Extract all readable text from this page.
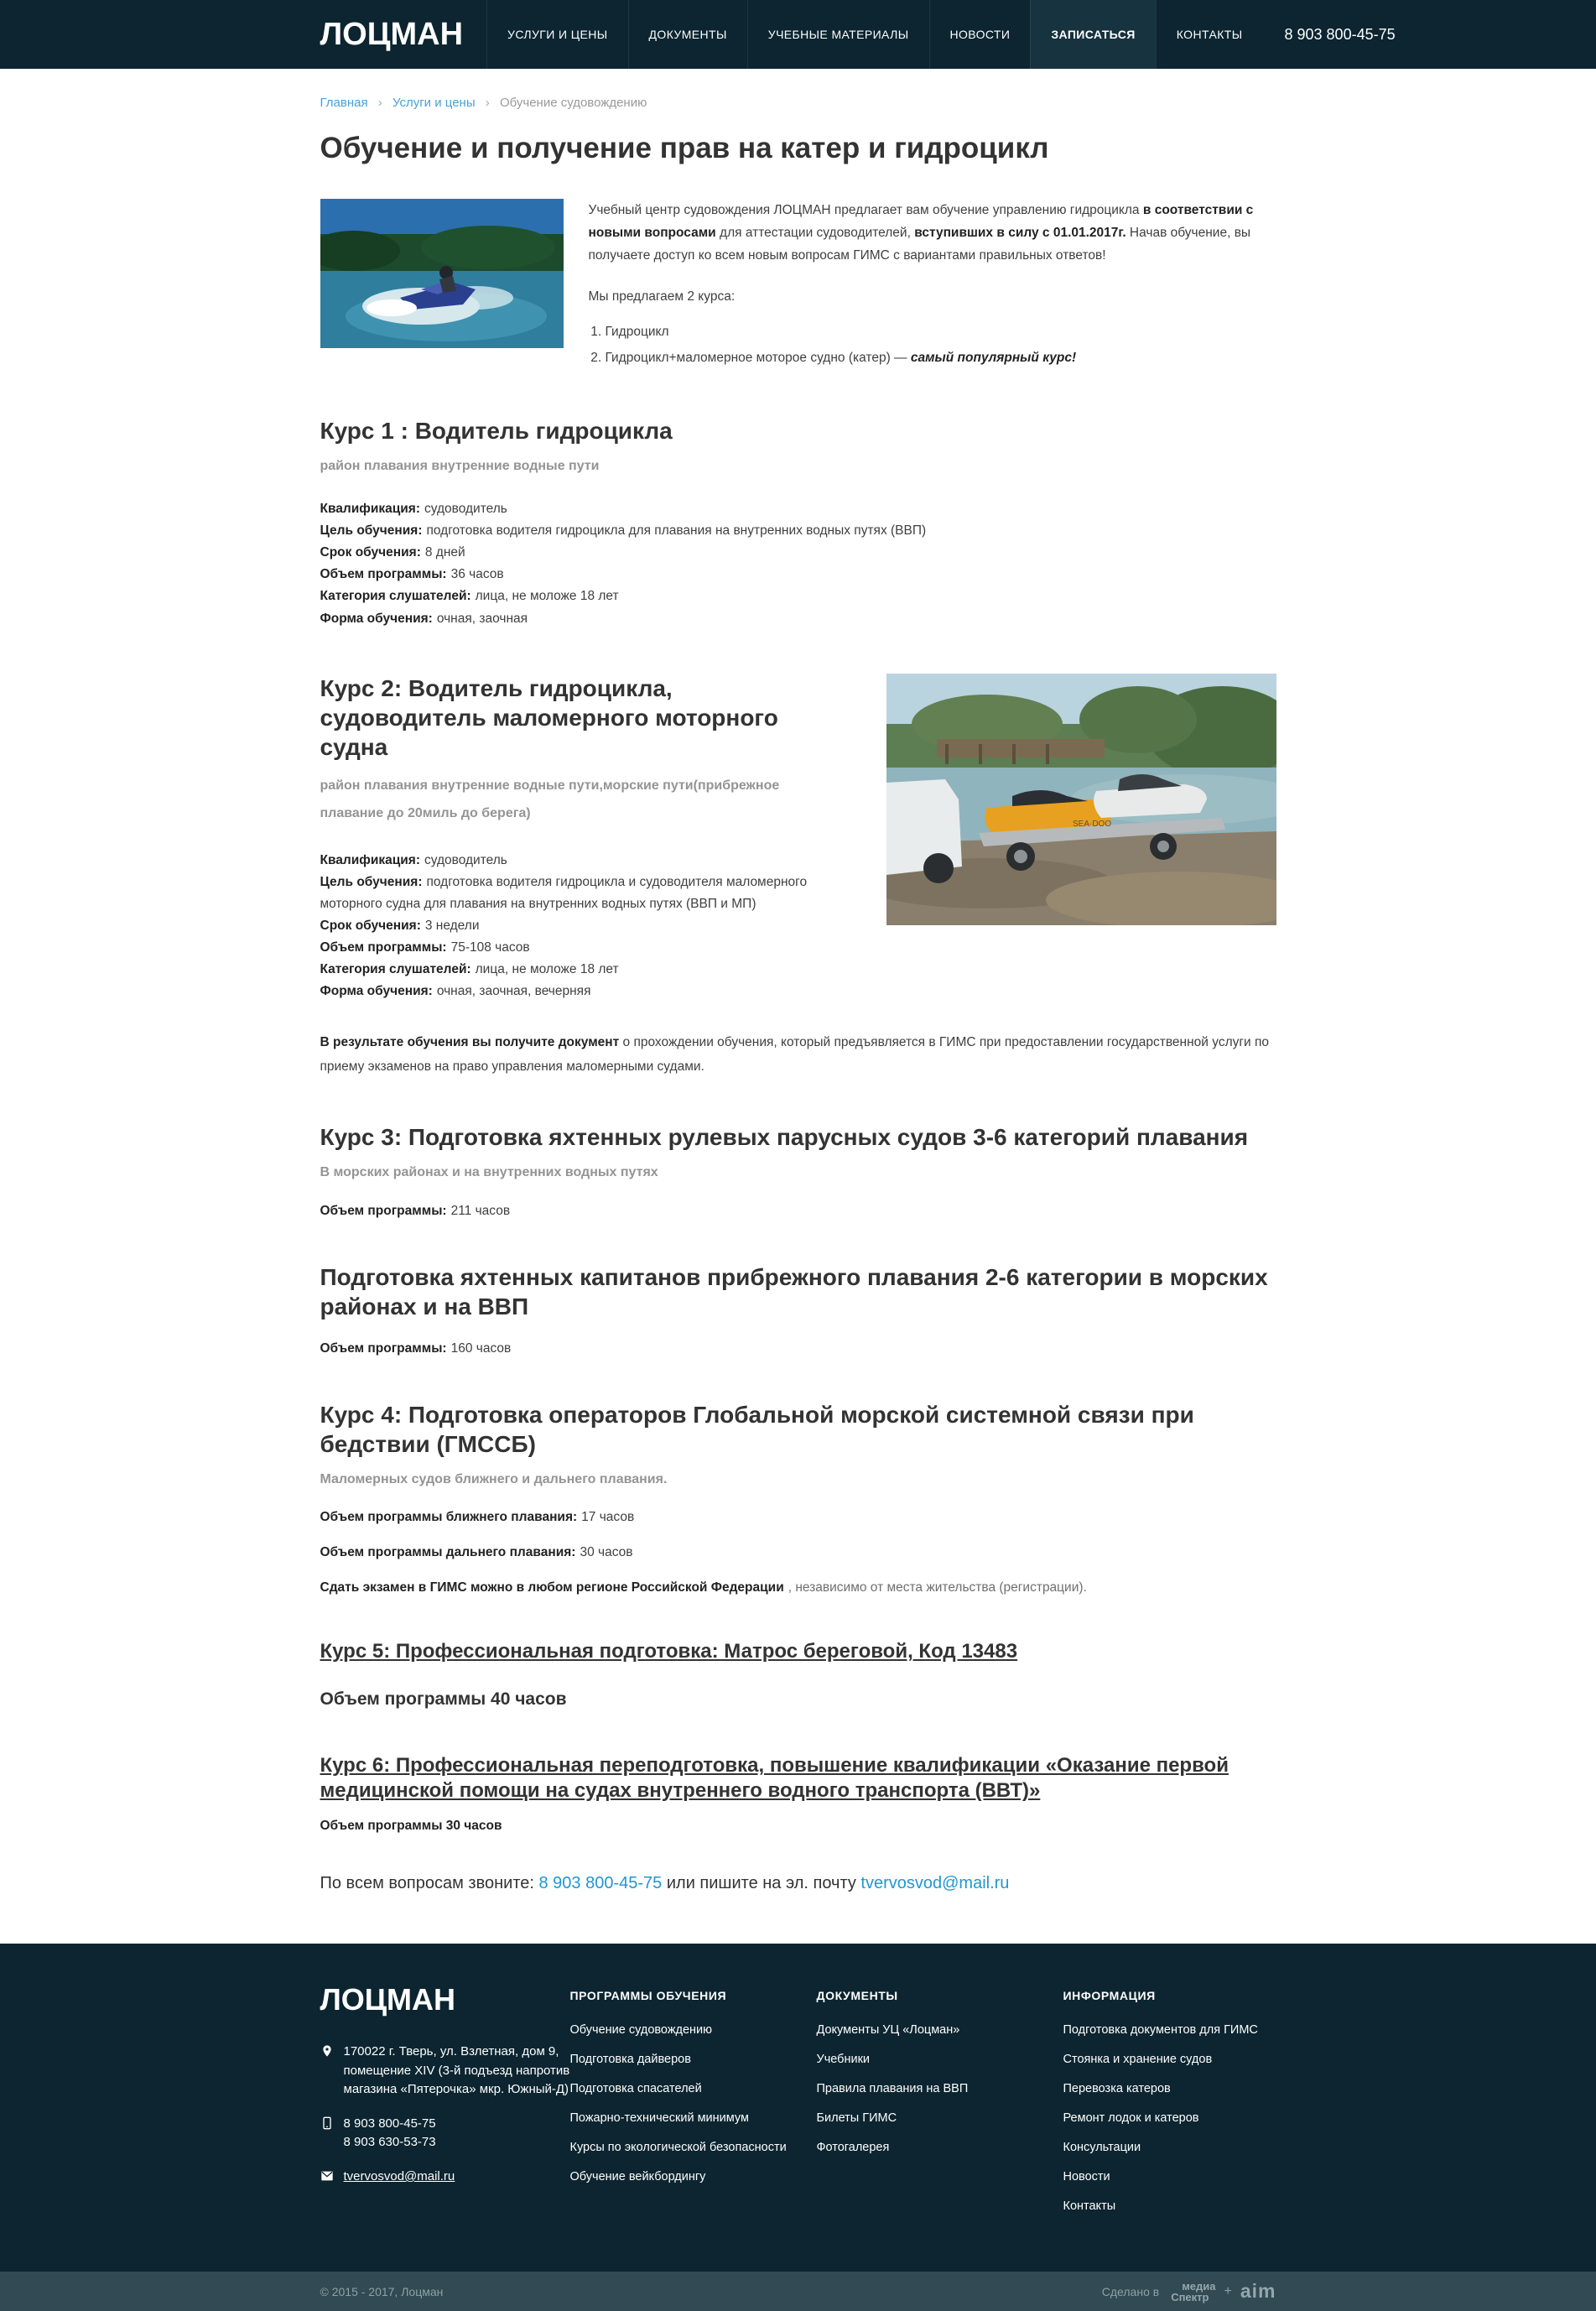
ЛОЦМАН	УСЛУГИ И ЦЕНЫ	ДОКУМЕНТЫ	УЧЕБНЫЕ МАТЕРИАЛЫ	НОВОСТИ	ЗАПИСАТЬСЯ	КОНТАКТЫ	8 903 800-45-75
Главная › Услуги и цены › Обучение судовождению
Обучение и получение прав на катер и гидроцикл

Учебный центр судовождения ЛОЦМАН предлагает вам обучение управлению гидроцикла в соответствии с новыми вопросами для аттестации судоводителей, вступивших в силу с 01.01.2017г. Начав обучение, вы получаете доступ ко всем новым вопросам ГИМС с вариантами правильных ответов!

Мы предлагаем 2 курса:

1. Гидроцикл
2. Гидроцикл+маломерное моторое судно (катер) — самый популярный курс!
Курс 1 : Водитель гидроцикла
район плавания внутренние водные пути

Квалификация: судоводитель

Цель обучения: подготовка водителя гидроцикла для плавания на внутренних водных путях (ВВП)

Срок обучения: 8 дней

Объем программы: 36 часов

Категория слушателей: лица, не моложе 18 лет

Форма обучения: очная, заочная

Курс 2: Водитель гидроцикла, судоводитель маломерного моторного судна
район плавания внутренние водные пути,морские пути(прибрежное плавание до 20миль до берега)

Квалификация: судоводитель

Цель обучения: подготовка водителя гидроцикла и судоводителя маломерного моторного судна для плавания на внутренних водных путях (ВВП и МП)

Срок обучения: 3 недели

Объем программы: 75-108 часов

Категория слушателей: лица, не моложе 18 лет

Форма обучения: очная, заочная, вечерняя

SEA·DOO

В результате обучения вы получите документ о прохождении обучения, который предъявляется в ГИМС при предоставлении государственной услуги по приему экзаменов на право управления маломерными судами.

Курс 3: Подготовка яхтенных рулевых парусных судов 3-6 категорий плавания
В морских районах и на внутренних водных путях

Объем программы: 211 часов

Подготовка яхтенных капитанов прибрежного плавания 2-6 категории в морских районах и на ВВП

Объем программы: 160 часов

Курс 4: Подготовка операторов Глобальной морской системной связи при бедствии (ГМССБ)
Маломерных судов ближнего и дальнего плавания.

Объем программы ближнего плавания: 17 часов

Объем программы дальнего плавания: 30 часов

Сдать экзамен в ГИМС можно в любом регионе Российской Федерации , независимо от места жительства (регистрации).

Курс 5: Профессиональная подготовка: Матрос береговой, Код 13483
Объем программы 40 часов
Курс 6: Профессиональная переподготовка, повышение квалификации «Оказание первой медицинской помощи на судах внутреннего водного транспорта (ВВТ)»

Объем программы 30 часов

По всем вопросам звоните: 8 903 800-45-75 или пишите на эл. почту tvervosvod@mail.ru

ЛОЦМАН
170022 г. Тверь, ул. Взлетная, дом 9, помещение XIV (3-й подъезд напротив магазина «Пятерочка» мкр. Южный-Д)
8 903 800-45-75
8 903 630-53-73
tvervosvod@mail.ru
ПРОГРАММЫ ОБУЧЕНИЯ
Обучение судовождению
Подготовка дайверов
Подготовка спасателей
Пожарно-технический минимум
Курсы по экологической безопасности
Обучение вейкбордингу
ДОКУМЕНТЫ
Документы УЦ «Лоцман»
Учебники
Правила плавания на ВВП
Билеты ГИМС
Фотогалерея
ИНФОРМАЦИЯ
Подготовка документов для ГИМС
Стоянка и хранение судов
Перевозка катеров
Ремонт лодок и катеров
Консультации
Новости
Контакты
© 2015 - 2017, Лоцман	Сделано в медиа
Спектр	+ aim
